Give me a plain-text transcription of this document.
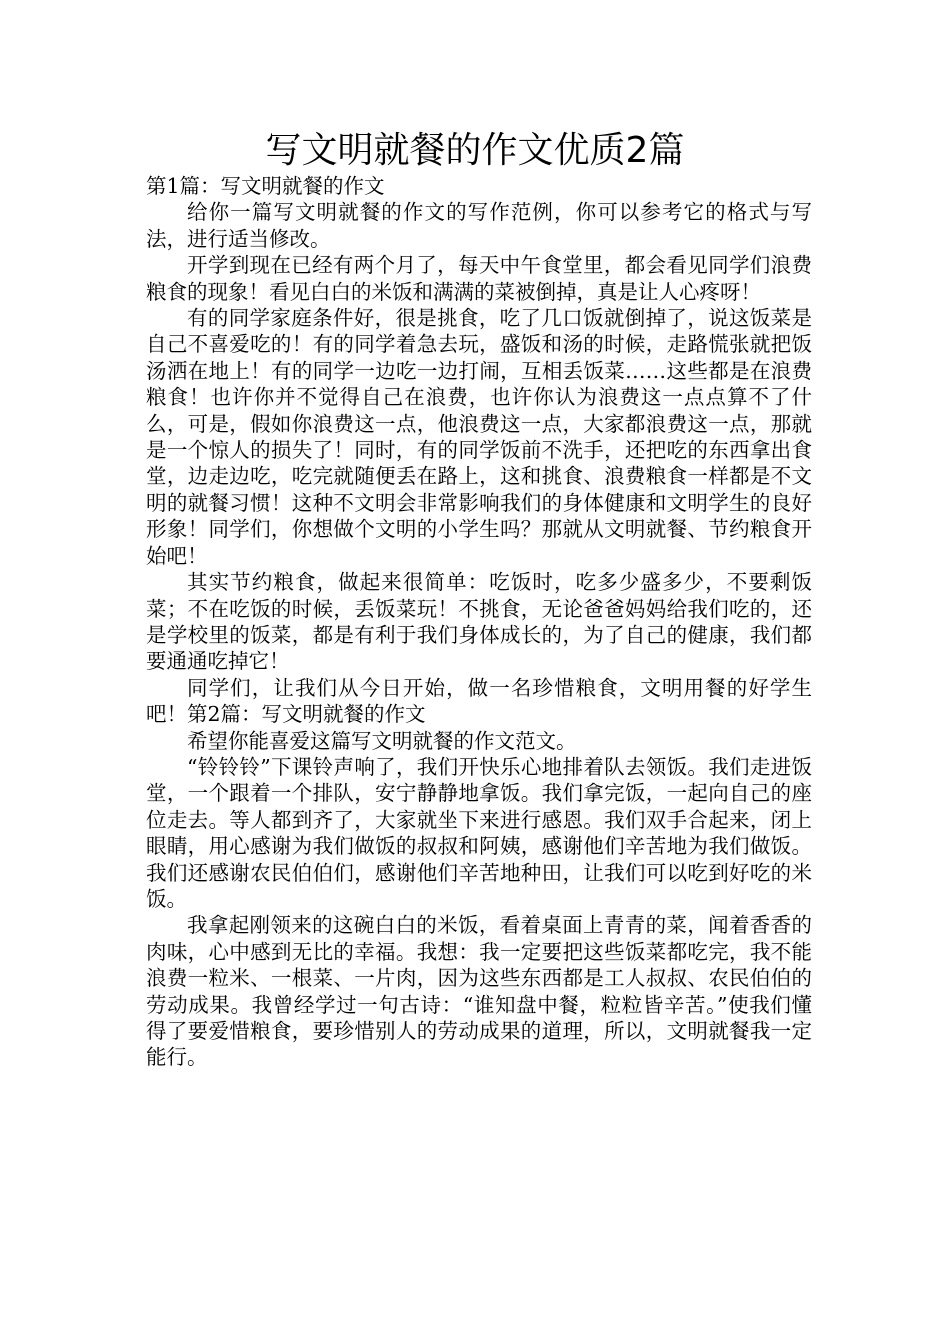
写文明就餐的作文优质2篇

第1篇：写文明就餐的作文

给你一篇写文明就餐的作文的写作范例，你可以参考它的格式与写法，进行适当修改。

开学到现在已经有两个月了，每天中午食堂里，都会看见同学们浪费粮食的现象！看见白白的米饭和满满的菜被倒掉，真是让人心疼呀！

有的同学家庭条件好，很是挑食，吃了几口饭就倒掉了，说这饭菜是自己不喜爱吃的！有的同学着急去玩，盛饭和汤的时候，走路慌张就把饭汤洒在地上！有的同学一边吃一边打闹，互相丢饭菜……这些都是在浪费粮食！也许你并不觉得自己在浪费，也许你认为浪费这一点点算不了什么，可是，假如你浪费这一点，他浪费这一点，大家都浪费这一点，那就是一个惊人的损失了！同时，有的同学饭前不洗手，还把吃的东西拿出食堂，边走边吃，吃完就随便丢在路上，这和挑食、浪费粮食一样都是不文明的就餐习惯！这种不文明会非常影响我们的身体健康和文明学生的良好形象！同学们，你想做个文明的小学生吗？那就从文明就餐、节约粮食开始吧！

其实节约粮食，做起来很简单：吃饭时，吃多少盛多少，不要剩饭菜；不在吃饭的时候，丢饭菜玩！不挑食，无论爸爸妈妈给我们吃的，还是学校里的饭菜，都是有利于我们身体成长的，为了自己的健康，我们都要通通吃掉它！

同学们，让我们从今日开始，做一名珍惜粮食，文明用餐的好学生吧！第2篇：写文明就餐的作文

希望你能喜爱这篇写文明就餐的作文范文。

“铃铃铃”下课铃声响了，我们开快乐心地排着队去领饭。我们走进饭堂，一个跟着一个排队，安宁静静地拿饭。我们拿完饭，一起向自己的座位走去。等人都到齐了，大家就坐下来进行感恩。我们双手合起来，闭上眼睛，用心感谢为我们做饭的叔叔和阿姨，感谢他们辛苦地为我们做饭。我们还感谢农民伯伯们，感谢他们辛苦地种田，让我们可以吃到好吃的米饭。

我拿起刚领来的这碗白白的米饭，看着桌面上青青的菜，闻着香香的肉味，心中感到无比的幸福。我想：我一定要把这些饭菜都吃完，我不能浪费一粒米、一根菜、一片肉，因为这些东西都是工人叔叔、农民伯伯的劳动成果。我曾经学过一句古诗：“谁知盘中餐，粒粒皆辛苦。”使我们懂得了要爱惜粮食，要珍惜别人的劳动成果的道理，所以，文明就餐我一定能行。
